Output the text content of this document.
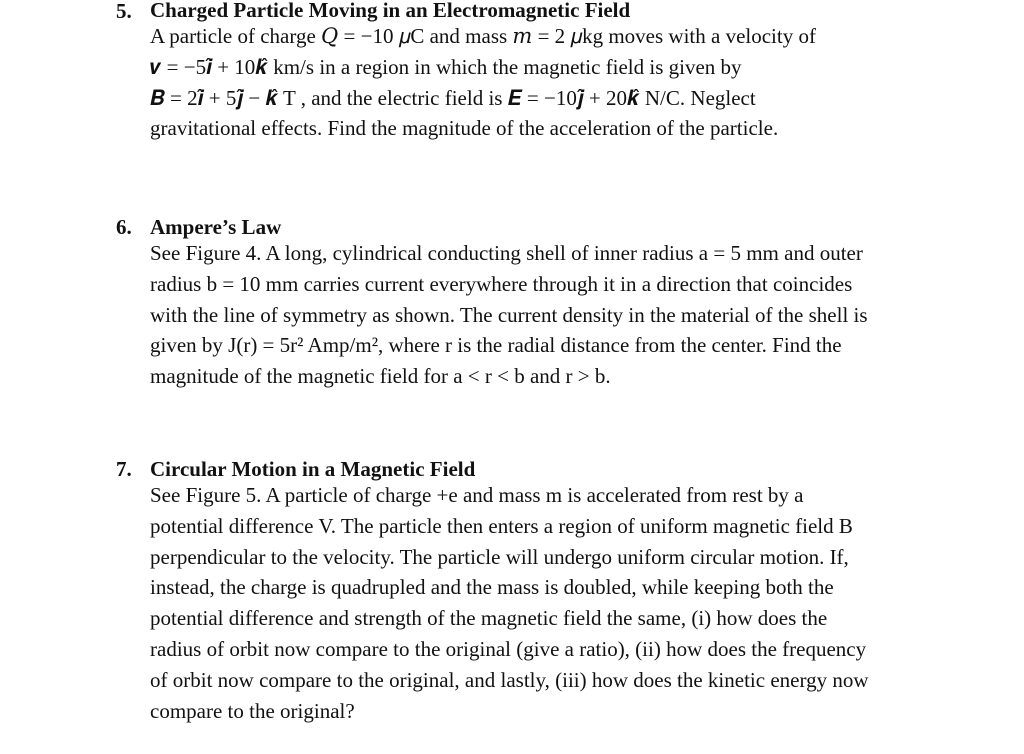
5. Charged Particle Moving in an Electromagnetic Field
A particle of charge 𝑄 = −10 𝜇C and mass 𝑚 = 2 𝜇kg moves with a velocity of
𝒗 = −5𝒊̂ + 10𝒌̂ km/s in a region in which the magnetic field is given by
𝑩 = 2𝒊̂ + 5𝒋̂ − 𝒌̂ T , and the electric field is 𝑬 = −10𝒋̂ + 20𝒌̂ N/C. Neglect
gravitational effects. Find the magnitude of the acceleration of the particle.
6. Ampere’s Law
See Figure 4. A long, cylindrical conducting shell of inner radius a = 5 mm and outer
radius b = 10 mm carries current everywhere through it in a direction that coincides
with the line of symmetry as shown. The current density in the material of the shell is
given by J(r) = 5r² Amp/m², where r is the radial distance from the center. Find the
magnitude of the magnetic field for a < r < b and r > b.
7. Circular Motion in a Magnetic Field
See Figure 5. A particle of charge +e and mass m is accelerated from rest by a
potential difference V. The particle then enters a region of uniform magnetic field B
perpendicular to the velocity. The particle will undergo uniform circular motion. If,
instead, the charge is quadrupled and the mass is doubled, while keeping both the
potential difference and strength of the magnetic field the same, (i) how does the
radius of orbit now compare to the original (give a ratio), (ii) how does the frequency
of orbit now compare to the original, and lastly, (iii) how does the kinetic energy now
compare to the original?
